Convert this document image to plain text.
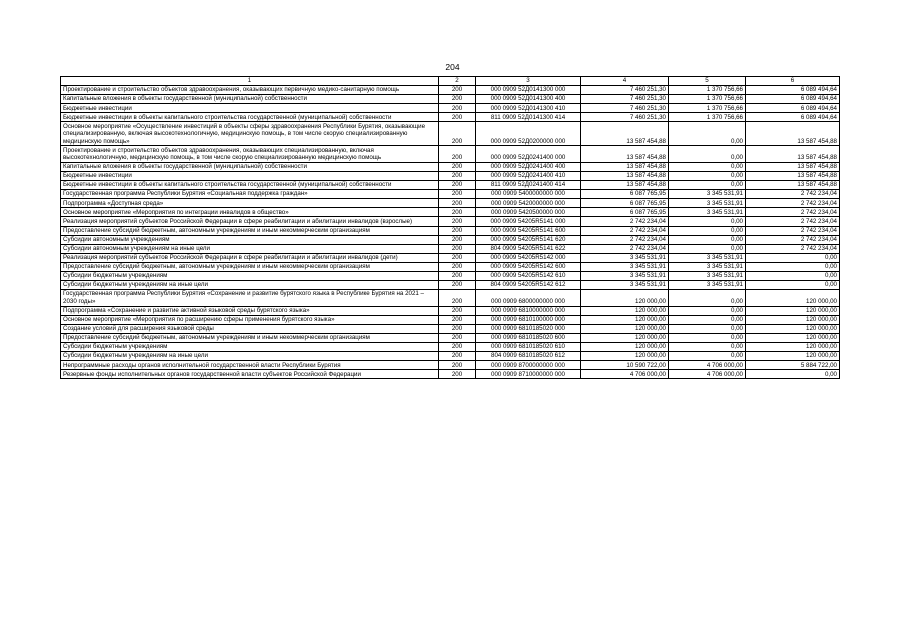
204
1	2	3	4	5	6
Проектирование и строительство объектов здравоохранения, оказывающих первичную медико-санитарную помощь	200	000 0909 52Д0141300 000	7 460 251,30	1 370 756,66	6 089 494,64
Капитальные вложения в объекты государственной (муниципальной) собственности	200	000 0909 52Д0141300 400	7 460 251,30	1 370 756,66	6 089 494,64
Бюджетные инвестиции	200	000 0909 52Д0141300 410	7 460 251,30	1 370 756,66	6 089 494,64
Бюджетные инвестиции в объекты капитального строительства государственной (муниципальной) собственности	200	811 0909 52Д0141300 414	7 460 251,30	1 370 756,66	6 089 494,64
Основное мероприятие «Осуществление инвестиций в объекты сферы здравоохранения Республики Бурятия, оказывающие специализированную, включая высокотехнологичную, медицинскую помощь, в том числе скорую специализированную медицинскую помощь»	200	000 0909 52Д0200000 000	13 587 454,88	0,00	13 587 454,88
Проектирование и строительство объектов здравоохранения, оказывающих специализированную, включая высокотехнологичную, медицинскую помощь, в том числе скорую специализированную медицинскую помощь	200	000 0909 52Д0241400 000	13 587 454,88	0,00	13 587 454,88
Капитальные вложения в объекты государственной (муниципальной) собственности	200	000 0909 52Д0241400 400	13 587 454,88	0,00	13 587 454,88
Бюджетные инвестиции	200	000 0909 52Д0241400 410	13 587 454,88	0,00	13 587 454,88
Бюджетные инвестиции в объекты капитального строительства государственной (муниципальной) собственности	200	811 0909 52Д0241400 414	13 587 454,88	0,00	13 587 454,88
Государственная программа Республики Бурятия «Социальная поддержка граждан»	200	000 0909 5400000000 000	6 087 765,95	3 345 531,91	2 742 234,04
Подпрограмма «Доступная среда»	200	000 0909 5420000000 000	6 087 765,95	3 345 531,91	2 742 234,04
Основное мероприятие «Мероприятия по интеграции инвалидов в общество»	200	000 0909 5420500000 000	6 087 765,95	3 345 531,91	2 742 234,04
Реализация мероприятий субъектов Российской Федерации в сфере реабилитации и абилитации инвалидов (взрослые)	200	000 0909 54205R5141 000	2 742 234,04	0,00	2 742 234,04
Предоставление субсидий бюджетным, автономным учреждениям и иным некоммерческим организациям	200	000 0909 54205R5141 600	2 742 234,04	0,00	2 742 234,04
Субсидии автономным учреждениям	200	000 0909 54205R5141 620	2 742 234,04	0,00	2 742 234,04
Субсидии автономным учреждениям на иные цели	200	804 0909 54205R5141 622	2 742 234,04	0,00	2 742 234,04
Реализация мероприятий субъектов Российской Федерации в сфере реабилитации и абилитации инвалидов (дети)	200	000 0909 54205R5142 000	3 345 531,91	3 345 531,91	0,00
Предоставление субсидий бюджетным, автономным учреждениям и иным некоммерческим организациям	200	000 0909 54205R5142 600	3 345 531,91	3 345 531,91	0,00
Субсидии бюджетным учреждениям	200	000 0909 54205R5142 610	3 345 531,91	3 345 531,91	0,00
Субсидии бюджетным учреждениям на иные цели	200	804 0909 54205R5142 612	3 345 531,91	3 345 531,91	0,00
Государственная программа Республики Бурятия «Сохранение и развитие бурятского языка в Республике Бурятия на 2021 – 2030 годы»	200	000 0909 6800000000 000	120 000,00	0,00	120 000,00
Подпрограмма «Сохранение и развитие активной языковой среды бурятского языка»	200	000 0909 6810000000 000	120 000,00	0,00	120 000,00
Основное мероприятие «Мероприятия по расширению сферы применения бурятского языка»	200	000 0909 6810100000 000	120 000,00	0,00	120 000,00
Создание условий для расширения языковой среды	200	000 0909 6810185020 000	120 000,00	0,00	120 000,00
Предоставление субсидий бюджетным, автономным учреждениям и иным некоммерческим организациям	200	000 0909 6810185020 600	120 000,00	0,00	120 000,00
Субсидии бюджетным учреждениям	200	000 0909 6810185020 610	120 000,00	0,00	120 000,00
Субсидии бюджетным учреждениям на иные цели	200	804 0909 6810185020 612	120 000,00	0,00	120 000,00
Непрограммные расходы органов исполнительной государственной власти Республики Бурятия	200	000 0909 8700000000 000	10 590 722,00	4 706 000,00	5 884 722,00
Резервные фонды исполнительных органов государственной власти субъектов Российской Федерации	200	000 0909 8710000000 000	4 706 000,00	4 706 000,00	0,00
